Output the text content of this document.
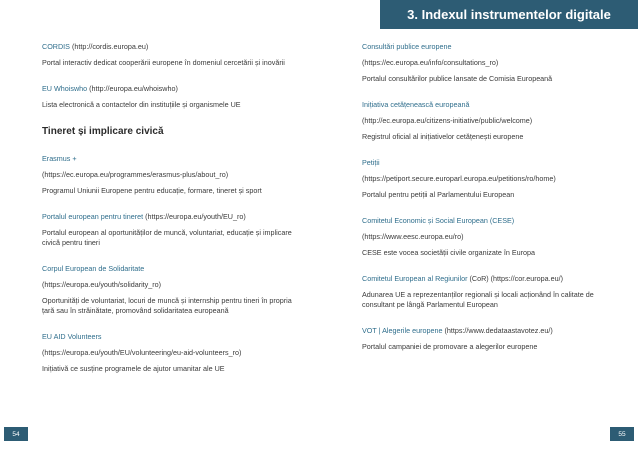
3. Indexul instrumentelor digitale

CORDIS (http://cordis.europa.eu)

Portal interactiv dedicat cooperării europene în domeniul cercetării și inovării

EU Whoiswho (http://europa.eu/whoiswho)

Lista electronică a contactelor din instituțiile și organismele UE

Tineret și implicare civică

Erasmus +

(https://ec.europa.eu/programmes/erasmus-plus/about_ro)

Programul Uniunii Europene pentru educație, formare, tineret și sport

Portalul european pentru tineret (https://europa.eu/youth/EU_ro)

Portalul european al oportunităților de muncă, voluntariat, educație și implicare civică pentru tineri

Corpul European de Solidaritate

(https://europa.eu/youth/solidarity_ro)

Oportunități de voluntariat, locuri de muncă și internship pentru tineri în propria țară sau în străinătate, promovând solidaritatea europeană

EU AID Volunteers

(https://europa.eu/youth/EU/volunteering/eu-aid-volunteers_ro)

Inițiativă ce susține programele de ajutor umanitar ale UE

Consultări publice europene

(https://ec.europa.eu/info/consultations_ro)

Portalul consultărilor publice lansate de Comisia Europeană

Inițiativa cetățenească europeană

(http://ec.europa.eu/citizens-initiative/public/welcome)

Registrul oficial al inițiativelor cetățenești europene

Petiții

(https://petiport.secure.europarl.europa.eu/petitions/ro/home)

Portalul pentru petiții al Parlamentului European

Comitetul Economic și Social European (CESE)

(https://www.eesc.europa.eu/ro)

CESE este vocea societății civile organizate în Europa

Comitetul European al Regiunilor (CoR) (https://cor.europa.eu/)

Adunarea UE a reprezentanților regionali și locali acționând în calitate de consultant pe lângă Parlamentul European

VOT | Alegerile europene (https://www.dedataastavotez.eu/)

Portalul campaniei de promovare a alegerilor europene

54	55
